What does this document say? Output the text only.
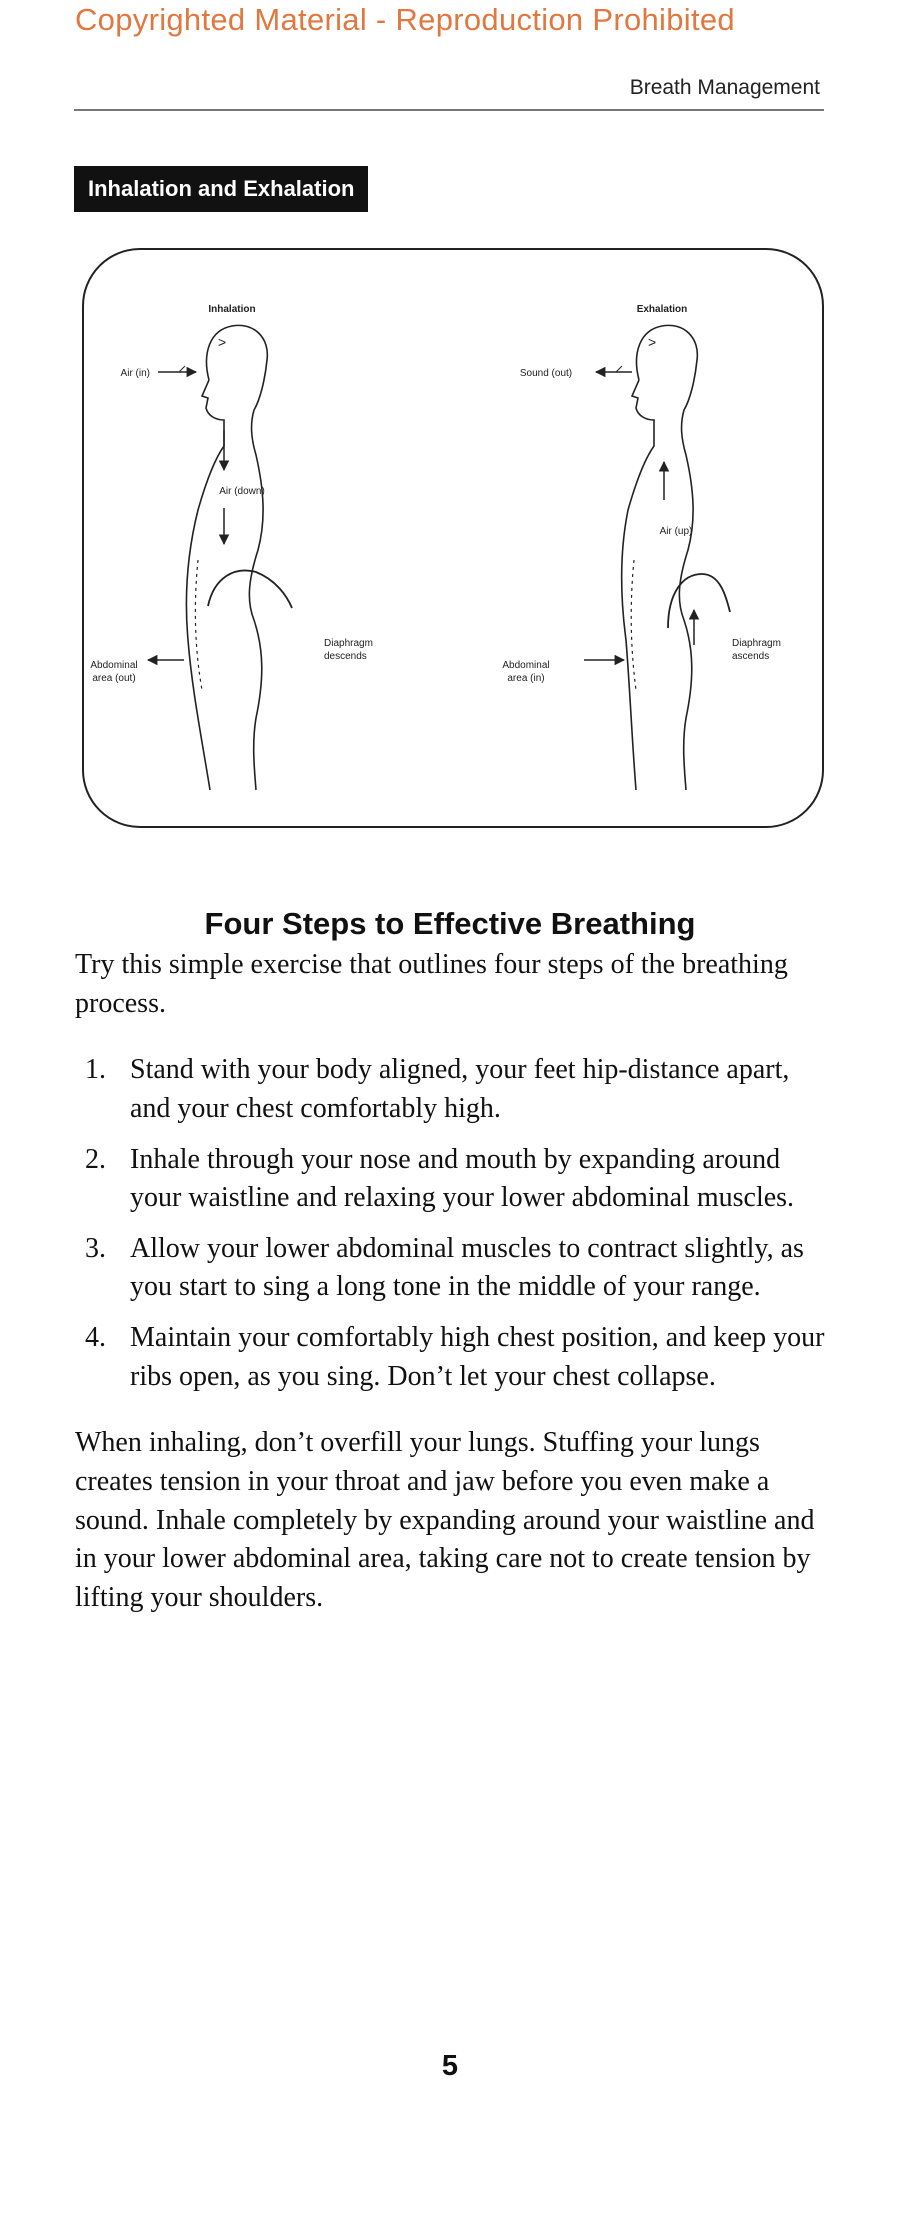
Copyrighted Material - Reproduction Prohibited
Breath Management
Inhalation and Exhalation
Inhalation
>
Air (in)
Air (down)
Diaphragm
descends
Abdominal
area (out)
Exhalation
>
Sound (out)
Air (up)
Diaphragm
ascends
Abdominal
area (in)
Four Steps to Effective Breathing

Try this simple exercise that outlines four steps of the breathing process.

1. Stand with your body aligned, your feet hip-distance apart, and your chest comfortably high.
2. Inhale through your nose and mouth by expanding around your waistline and relaxing your lower abdominal muscles.
3. Allow your lower abdominal muscles to contract slightly, as you start to sing a long tone in the middle of your range.
4. Maintain your comfortably high chest position, and keep your ribs open, as you sing. Don’t let your chest collapse.

When inhaling, don’t overfill your lungs. Stuffing your lungs creates tension in your throat and jaw before you even make a sound. Inhale completely by expanding around your waistline and in your lower abdominal area, taking care not to create tension by lifting your shoulders.

5
